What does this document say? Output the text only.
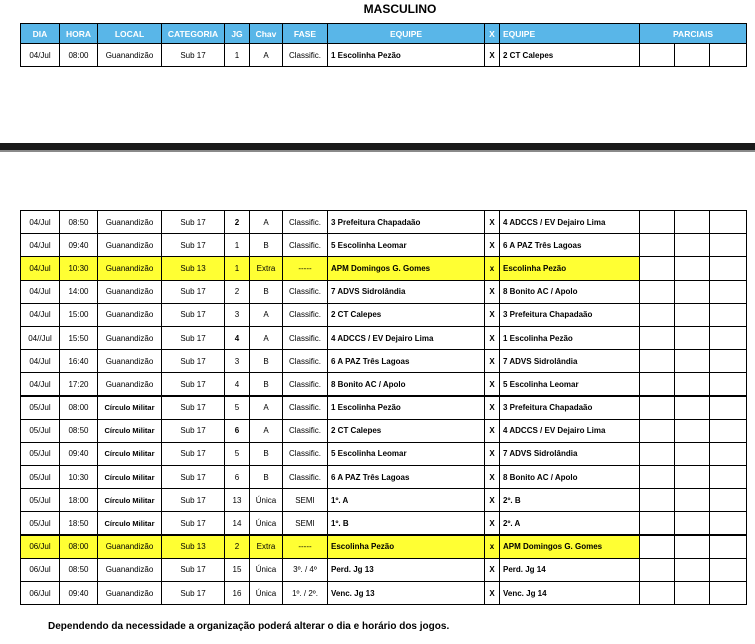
MASCULINO
DIA	HORA	LOCAL	CATEGORIA	JG	Chav	FASE	EQUIPE	X	EQUIPE	PARCIAIS		
04/Jul	08:00	Guanandizão	Sub 17	1	A	Classific.	1 Escolinha Pezão	X	2 CT Calepes			
04/Jul	08:50	Guanandizão	Sub 17	2	A	Classific.	3 Prefeitura Chapadaão	X	4 ADCCS / EV Dejairo Lima			
04/Jul	09:40	Guanandizão	Sub 17	1	B	Classific.	5 Escolinha Leomar	X	6 A PAZ Três Lagoas			
04/Jul	10:30	Guanandizão	Sub 13	1	Extra	-----	APM Domingos G. Gomes	x	Escolinha Pezão			
04/Jul	14:00	Guanandizão	Sub 17	2	B	Classific.	7 ADVS Sidrolândia	X	8 Bonito AC / Apolo			
04/Jul	15:00	Guanandizão	Sub 17	3	A	Classific.	2 CT Calepes	X	3 Prefeitura Chapadaão			
04//Jul	15:50	Guanandizão	Sub 17	4	A	Classific.	4 ADCCS / EV Dejairo Lima	X	1 Escolinha Pezão			
04/Jul	16:40	Guanandizão	Sub 17	3	B	Classific.	6 A PAZ Três Lagoas	X	7 ADVS Sidrolândia			
04/Jul	17:20	Guanandizão	Sub 17	4	B	Classific.	8 Bonito AC / Apolo	X	5 Escolinha Leomar			
05/Jul	08:00	Círculo Militar	Sub 17	5	A	Classific.	1 Escolinha Pezão	X	3 Prefeitura Chapadaão			
05/Jul	08:50	Círculo Militar	Sub 17	6	A	Classific.	2 CT Calepes	X	4 ADCCS / EV Dejairo Lima			
05/Jul	09:40	Círculo Militar	Sub 17	5	B	Classific.	5 Escolinha Leomar	X	7 ADVS Sidrolândia			
05/Jul	10:30	Círculo Militar	Sub 17	6	B	Classific.	6 A PAZ Três Lagoas	X	8 Bonito AC / Apolo			
05/Jul	18:00	Círculo Militar	Sub 17	13	Única	SEMI	1º. A	X	2º. B			
05/Jul	18:50	Círculo Militar	Sub 17	14	Única	SEMI	1º. B	X	2º. A			
06/Jul	08:00	Guanandizão	Sub 13	2	Extra	-----	Escolinha Pezão	x	APM Domingos G. Gomes			
06/Jul	08:50	Guanandizão	Sub 17	15	Única	3º. / 4º	Perd. Jg 13	X	Perd. Jg 14			
06/Jul	09:40	Guanandizão	Sub 17	16	Única	1º. / 2º.	Venc. Jg 13	X	Venc. Jg 14			
Dependendo da necessidade a organização poderá alterar o dia e horário dos jogos.
